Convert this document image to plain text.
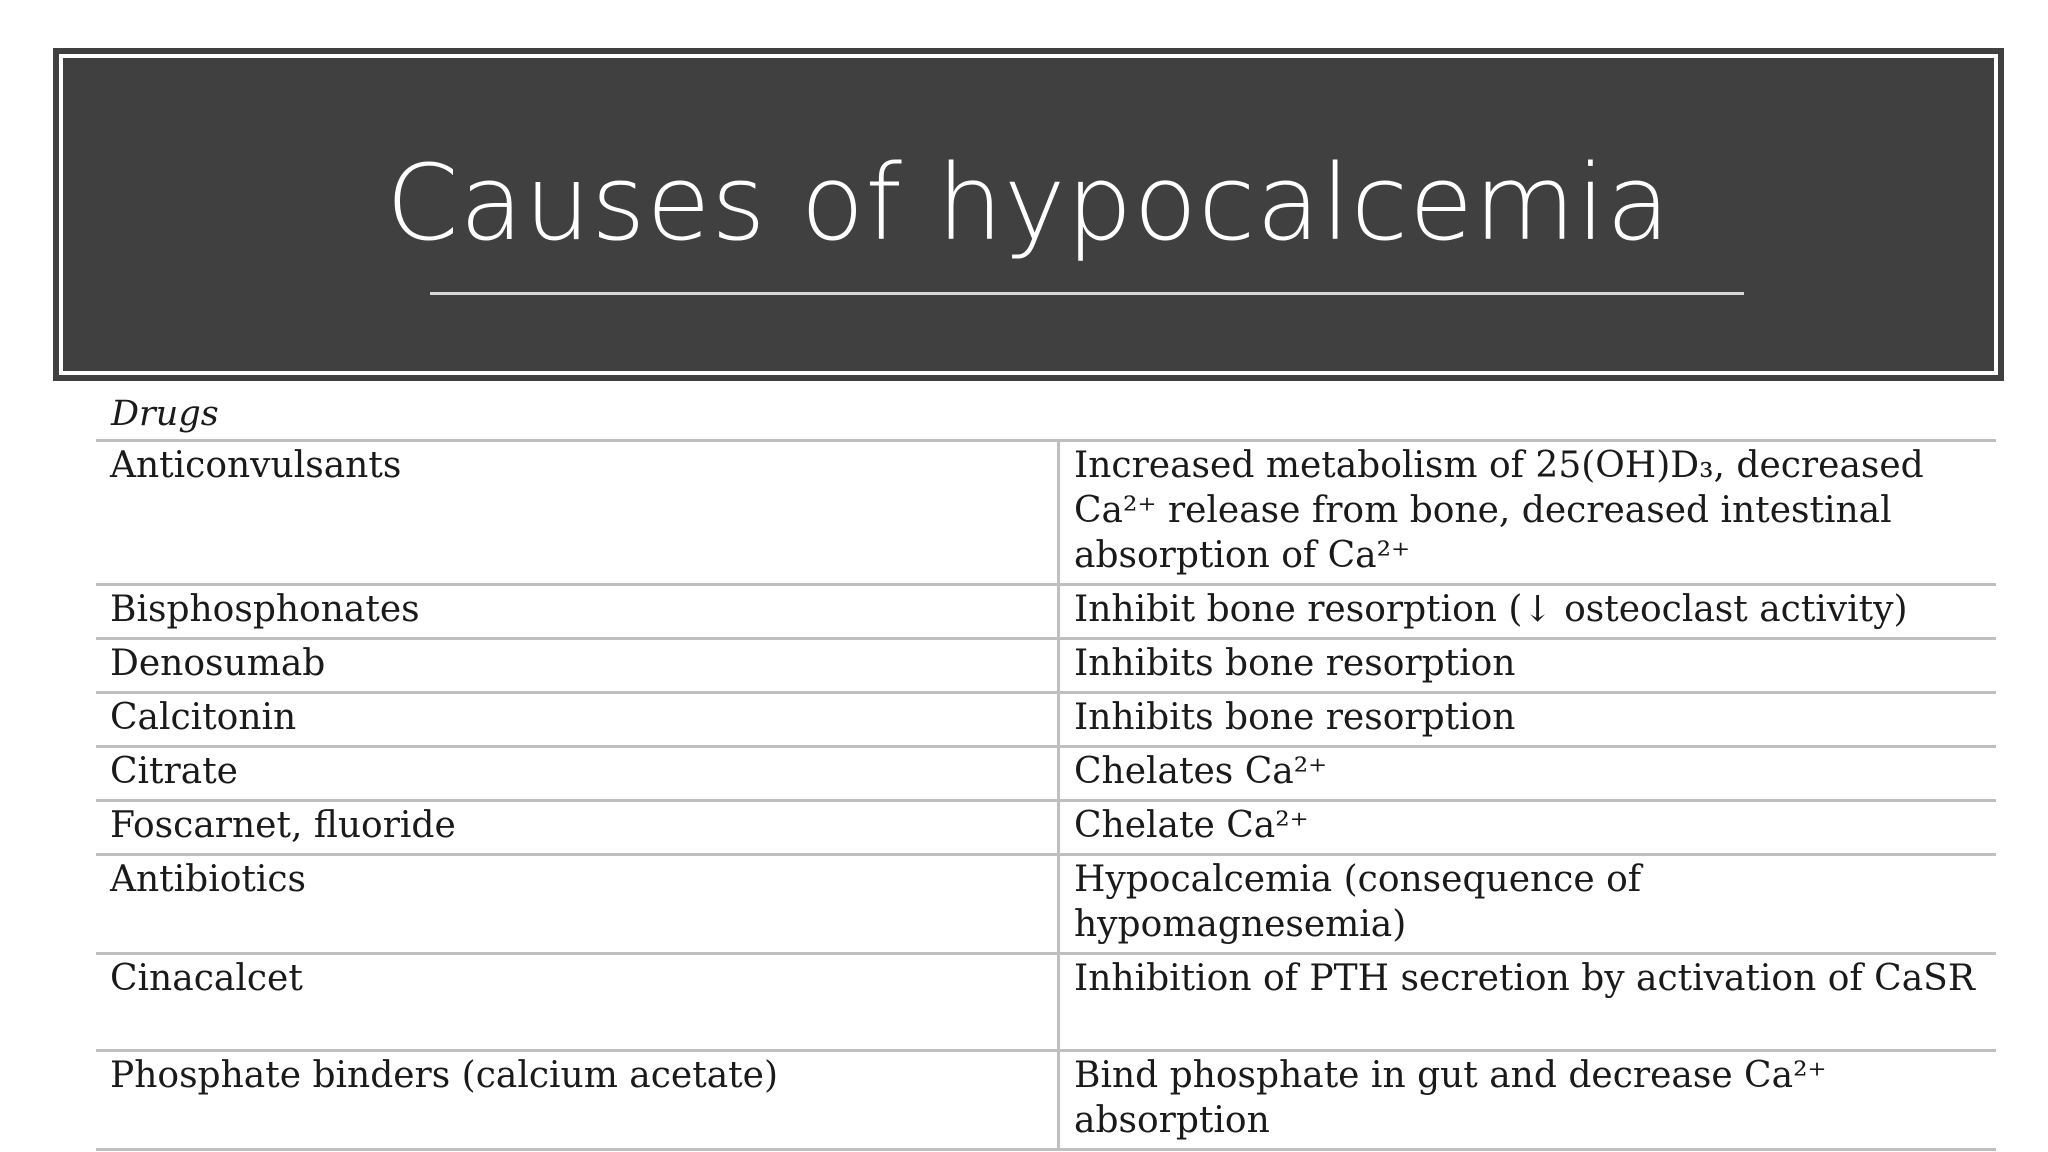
Causes of hypocalcemia
Drugs
Anticonvulsants	Increased metabolism of 25(OH)D₃, decreased Ca²⁺ release from bone, decreased intestinal absorption of Ca²⁺
Bisphosphonates	Inhibit bone resorption (↓ osteoclast activity)
Denosumab	Inhibits bone resorption
Calcitonin	Inhibits bone resorption
Citrate	Chelates Ca²⁺
Foscarnet, fluoride	Chelate Ca²⁺
Antibiotics	Hypocalcemia (consequence of hypomagnesemia)
Cinacalcet	Inhibition of PTH secretion by activation of CaSR
Phosphate binders (calcium acetate)	Bind phosphate in gut and decrease Ca²⁺ absorption
